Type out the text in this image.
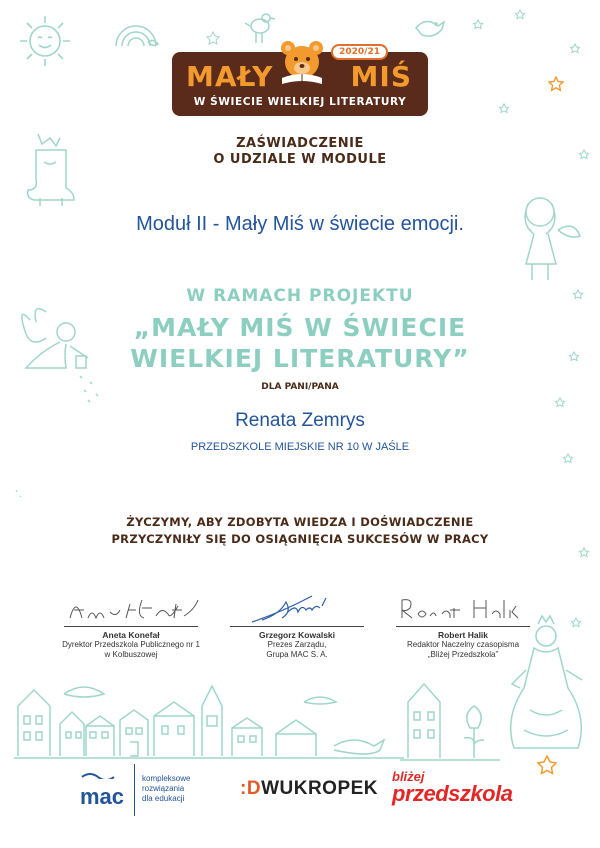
2020/21
MAŁY	MIŚ
W ŚWIECIE WIELKIEJ LITERATURY
ZAŚWIADCZENIE
O UDZIALE W MODULE
Moduł II - Mały Miś w świecie emocji.
W RAMACH PROJEKTU
„MAŁY MIŚ W ŚWIECIE
WIELKIEJ LITERATURY”
DLA PANI/PANA
Renata Zemrys
PRZEDSZKOLE MIEJSKIE NR 10 W JAŚLE
ŻYCZYMY, ABY ZDOBYTA WIEDZA I DOŚWIADCZENIE
PRZYCZYNIŁY SIĘ DO OSIĄGNIĘCIA SUKCESÓW W PRACY
Aneta Konefał
Dyrektor Przedszkola Publicznego nr 1
w Kolbuszowej
Grzegorz Kowalski
Prezes Zarządu,
Grupa MAC S. A.
Robert Halik
Redaktor Naczelny czasopisma
„Bliżej Przedszkola”
mac
kompleksowe
rozwiązania
dla edukacji	:DWUKROPEK
bliżej
przedszkola
